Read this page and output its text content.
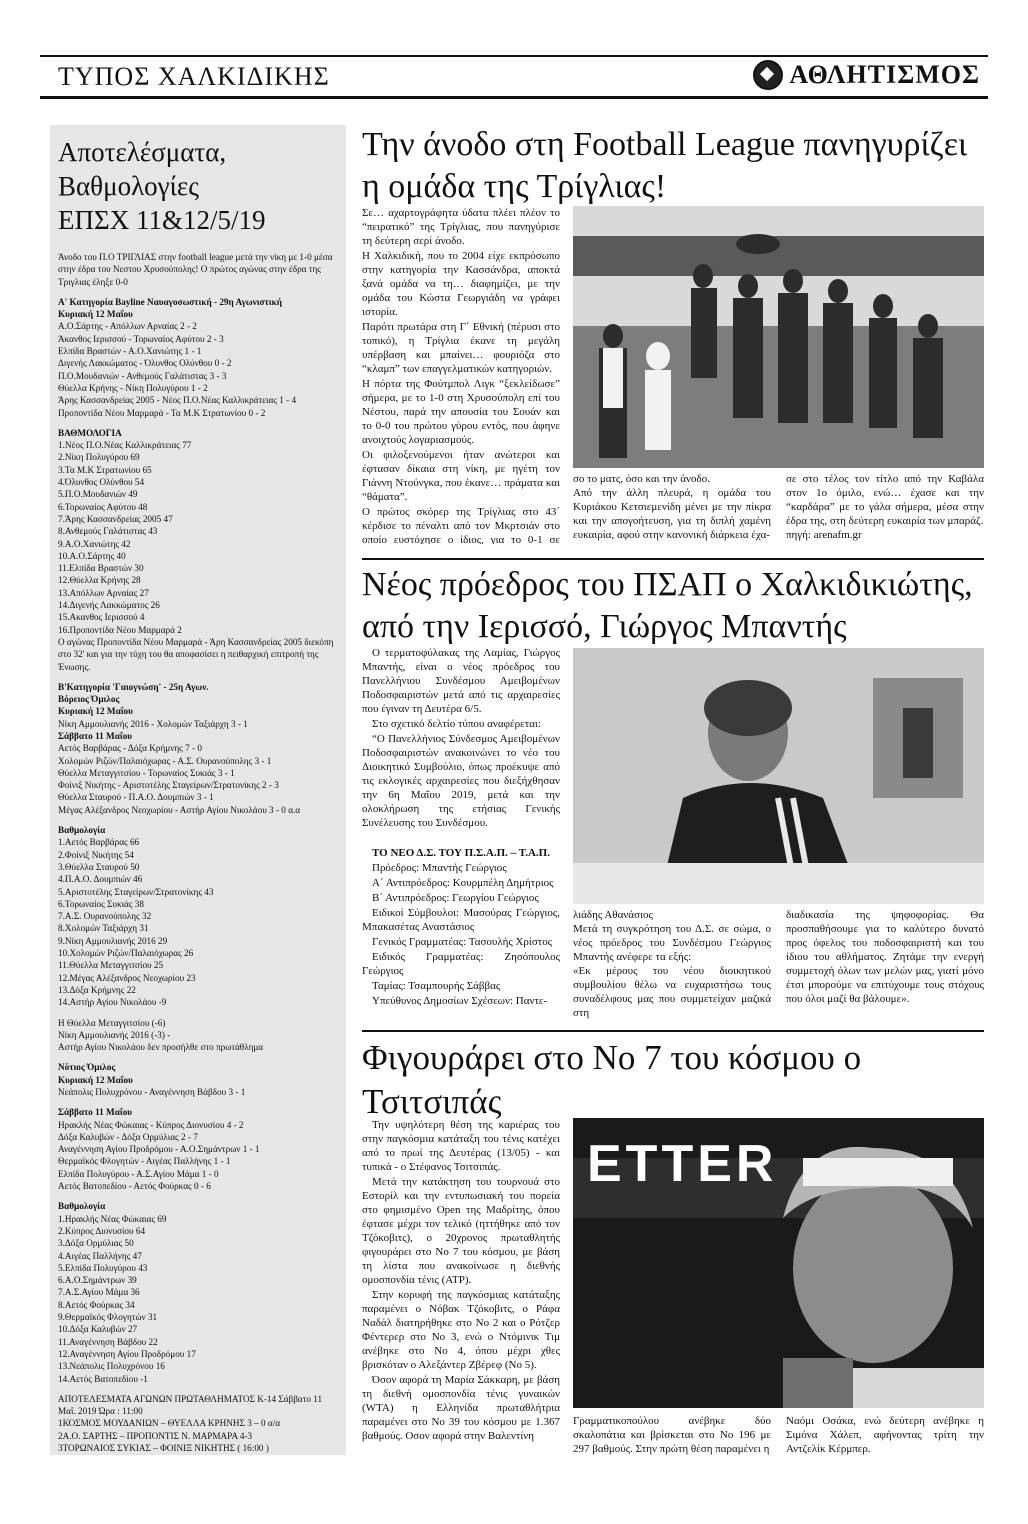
ΤΥΠΟΣ ΧΑΛΚΙΔΙΚΗΣ	ΑΘΛΗΤΙΣΜΟΣ
Αποτελέσματα,
Βαθμολογίες
ΕΠΣΧ 11&12/5/19

Άνοδο του Π.Ο ΤΡΙΓΛΙΑΣ στην football league μετά την νίκη με 1-0 μέσα στην έδρα του Νεστου Χρυσούπολης! Ο πρώτος αγώνας στην έδρα της Τριγλιας έληξε 0-0

Α' Κατηγορία Bayline Ναυαγοσωστική - 29η Αγωνιστική

Κυριακή 12 Μαΐου

Α.Ο.Σάρτης - Απόλλων Αρναίας 2 - 2

Άκανθος Ιερισσού - Τορωναίος Αφύτου 2 - 3

Ελπίδα Βραστών - Α.Ο.Χανιώτης 1 - 1

Διγενής Λακκώματος - Όλυνθος Ολύνθου 0 - 2

Π.Ο.Μουδανιών - Ανθεμούς Γαλάτιστας 3 - 3

Θύελλα Κρήνης - Νίκη Πολυγύρου 1 - 2

Άρης Κασσανδρείας 2005 - Νέος Π.Ο.Νέας Καλλικράτειας 1 - 4

Προποντίδα Νέου Μαρμαρά - Τα Μ.Κ Στρατωνίου 0 - 2

ΒΑΘΜΟΛΟΓΙΑ

1.Νέος Π.Ο.Νέας Καλλικράτειας 77

2.Νίκη Πολυγύρου 69

3.Τα Μ.Κ Στρατωνίου 65

4.Όλυνθος Ολύνθου 54

5.Π.Ο.Μουδανιών 49

6.Τορωναίος Αφύτου 48

7.Άρης Κασσανδρείας 2005 47

8.Ανθεμούς Γαλάτιστας 43

9.Α.Ο.Χανιώτης 42

10.Α.Ο.Σάρτης 40

11.Ελπίδα Βραστών 30

12.Θύελλα Κρήνης 28

13.Απόλλων Αρναίας 27

14.Διγενής Λακκώματος 26

15.Ακανθος Ιερισσού 4

16.Προποντίδα Νέου Μαρμαρά 2

Ο αγώνας Προποντίδα Νέου Μαρμαρά - Άρη Κασσανδρείας 2005 διεκόπη στο 32' και για την τύχη του θα αποφασίσει η πειθαρχική επιτροπή της Ένωσης.

Β'Κατηγορία 'Γαιογνώση' - 25η Αγων.

Βόρειος Όμιλος

Κυριακή 12 Μαΐου

Νίκη Αμμουλιανής 2016 - Χολομών Ταξιάρχη 3 - 1

Σάββατο 11 Μαΐου

Αετός Βαρβάρας - Δόξα Κρήμνης 7 - 0

Χολομών Ριζών/Παλαιόχωρας - Α.Σ. Ουρανούπολης 3 - 1

Θύελλα Μεταγγιτσίου - Τορωναίος Συκιάς 3 - 1

Φοίνιξ Νικήτης - Αριστοτέλης Σταγείρων/Στρατονίκης 2 - 3

Θύελλα Σταυρού - Π.Α.Ο. Δουμπιών 3 - 1

Μέγας Αλέξανδρος Νεοχωρίου - Αστήρ Αγίου Νικολάου 3 - 0 α.α

Βαθμολογία

1.Αετός Βαρβάρας 66

2.Φοίνιξ Νικήτης 54

3.Θύελλα Σταυρού 50

4.Π.Α.Ο. Δουμπιών 46

5.Αριστοτέλης Σταγείρων/Στρατονίκης 43

6.Τορωναίος Συκιάς 38

7.Α.Σ. Ουρανούπολης 32

8.Χολομών Ταξιάρχη 31

9.Νίκη Αμμουλιανής 2016 29

10.Χολομών Ριζών/Παλαιόχωρας 26

11.Θύελλα Μεταγγιτσίου 25

12.Μέγας Αλέξανδρος Νεοχωρίου 23

13.Δόξα Κρήμνης 22

14.Αστήρ Αγίου Νικολάου -9

Η Θύελλα Μεταγγιτσίου (-6)

Νίκη Αμμουλιανής 2016 (-3) -

Αστήρ Αγίου Νικολάου δεν προσήλθε στο πρωτάθλημα

Νότιος Όμιλος

Κυριακή 12 Μαΐου

Νεάπολις Πολυχρόνου - Αναγέννηση Βάβδου 3 - 1

Σάββατο 11 Μαΐου

Ηρακλής Νέας Φώκαιας - Κύπρος Διονυσίου 4 - 2

Δόξα Καλυβών - Δόξα Ορμύλιας 2 - 7

Αναγέννηση Αγίου Προδρόμου - Α.Ο.Σημάντρων 1 - 1

Θερμαϊκός Φλογητών - Αιγέας Παλλήνης 1 - 1

Ελπίδα Πολυγύρου - Α.Σ.Αγίου Μάμα 1 - 0

Αετός Βατοπεδίου - Αετός Φούρκας 0 - 6

Βαθμολογία

1.Ηρακλής Νέας Φώκαιας 69

2.Κύπρος Διονυσίου 64

3.Δόξα Ορμύλιας 50

4.Αιγέας Παλλήνης 47

5.Ελπίδα Πολυγύρου 43

6.Α.Ο.Σημάντρων 39

7.Α.Σ.Αγίου Μάμα 36

8.Αετός Φούρκας 34

9.Θερμαϊκός Φλογητών 31

10.Δόξα Καλυβών 27

11.Αναγέννηση Βάβδου 22

12.Αναγέννηση Αγίου Προδρόμου 17

13.Νεάπολις Πολυχρόνου 16

14.Αετός Βατοπεδίου -1

ΑΠΟΤΕΛΕΣΜΑΤΑ ΑΓΩΝΩΝ ΠΡΩΤΑΘΛΗΜΑΤΟΣ Κ-14 Σάββατο 11 Μαΐ. 2019 Ώρα : 11:00

1ΚΟΣΜΟΣ ΜΟΥΔΑΝΙΩΝ – ΘΥΕΛΛΑ ΚΡΗΝΗΣ 3 – 0 α/α

2Α.Ο. ΣΑΡΤΗΣ – ΠΡΟΠΟΝΤΙΣ Ν. ΜΑΡΜΑΡΑ 4-3

3ΤΟΡΩΝΑΙΟΣ ΣΥΚΙΑΣ – ΦΟΙΝΙΞ ΝΙΚΗΤΗΣ ( 16:00 )

Την άνοδο στη Football League πανηγυρίζει η ομάδα της Τρίγλιας!

Σε… αχαρτογράφητα ύδατα πλέει πλέον το “πειρατικό” της Τρίγλιας, που πανηγύρισε τη δεύτερη σερί άνοδο.

Η Χαλκιδική, που το 2004 είχε εκπρόσωπο στην κατηγορία την Κασσάνδρα, αποκτά ξανά ομάδα να τη… διαφημίζει, με την ομάδα του Κώστα Γεωργιάδη να γράφει ιστορία.

Παρότι πρωτάρα στη Γ΄ Εθνική (πέρυσι στο τοπικό), η Τρίγλια έκανε τη μεγάλη υπέρβαση και μπαίνει… φουριόζα στο “κλαμπ” των επαγγελματικών κατηγοριών.

Η πόρτα της Φούτμπολ Λιγκ “ξεκλείδωσε” σήμερα, με το 1-0 στη Χρυσούπολη επί του Νέστου, παρά την απουσία του Σουάν και το 0-0 του πρώτου γύρου εντός, που άφηνε ανοιχτούς λογαριασμούς.

Οι φιλοξενούμενοι ήταν ανώτεροι και έφτασαν δίκαια στη νίκη, με ηγέτη τον Γιάννη Ντούνγκα, που έκανε… πράματα και “θάματα”.

Ο πρώτος σκόρερ της Τρίγλιας στο 43΄ κέρδισε το πέναλτι από τον Μκρτσιάν στο οποίο ευστόχησε ο ίδιος, για το 0-1 σε

σο το ματς, όσο και την άνοδο.
Από την άλλη πλευρά, η ομάδα του Κυριάκου Κετσιεμενίδη μένει με την πίκρα και την απογοήτευση, για τη διπλή χαμένη ευκαιρία, αφού στην κανονική διάρκεια έχα-
σε στο τέλος τον τίτλο από την Καβάλα στον 1ο όμιλο, ενώ… έχασε και την “καρδάρα” με το γάλα σήμερα, μέσα στην έδρα της, στη δεύτερη ευκαιρία των μπαράζ.
πηγή: arenafm.gr
Νέος πρόεδρος του ΠΣΑΠ ο Χαλκιδικιώτης, από την Ιερισσό, Γιώργος Μπαντής

Ο τερματοφύλακας της Λαμίας, Γιώργος Μπαντής, είναι ο νέος πρόεδρος του Πανελλήνιου Συνδέσμου Αμειβομένων Ποδοσφαιριστών μετά από τις αρχαιρεσίες που έγιναν τη Δευτέρα 6/5.

Στο σχετικό δελτίο τύπου αναφέρεται:

“Ο Πανελλήνιος Σύνδεσμος Αμειβομένων Ποδοσφαιριστών ανακοινώνει το νέο του Διοικητικό Συμβούλιο, όπως προέκυψε από τις εκλογικές αρχαιρεσίες που διεξήχθησαν την 6η Μαΐου 2019, μετά και την ολοκλήρωση της ετήσιας Γενικής Συνέλευσης του Συνδέσμου.

ΤΟ ΝΕΟ Δ.Σ. ΤΟΥ Π.Σ.Α.Π. – Τ.Α.Π.

Πρόεδρος: Μπαντής Γεώργιος

Α΄ Αντιπρόεδρος: Κουρμπέλη Δημήτριος

Β΄ Αντιπρόεδρος: Γεωργίου Γεώργιος

Ειδικοί Σύμβουλοι: Μασούρας Γεώργιος, Μπακασέτας Αναστάσιος

Γενικός Γραμματέας: Τασουλής Χρίστος

Ειδικός Γραμματέας: Ζησόπουλος Γεώργιος

Ταμίας: Τσαμπουρής Σάββας

Υπεύθυνος Δημοσίων Σχέσεων: Παντε-

λιάδης Αθανάσιος
Μετά τη συγκρότηση του Δ.Σ. σε σώμα, ο νέος πρόεδρος του Συνδέσμου Γεώργιος Μπαντής ανέφερε τα εξής:
«Εκ μέρους του νέου διοικητικού συμβουλίου θέλω να ευχαριστήσω τους συναδέλφους μας που συμμετείχαν μαζικά στη
διαδικασία της ψηφοφορίας. Θα προσπαθήσουμε για το καλύτερο δυνατό προς όφελος του ποδοσφαιριστή και του ίδιου του αθλήματος. Ζητάμε την ενεργή συμμετοχή όλων των μελών μας, γιατί μόνο έτσι μπορούμε να επιτύχουμε τους στόχους που όλοι μαζί θα βάλουμε».
Φιγουράρει στο Νο 7 του κόσμου ο Τσιτσιπάς

Την υψηλότερη θέση της καριέρας του στην παγκόσμια κατάταξη του τένις κατέχει από το πρωί της Δευτέρας (13/05) - και τυπικά - ο Στέφανος Τσιτσιπάς.

Μετά την κατάκτηση του τουρνουά στο Εστορίλ και την εντυπωσιακή του πορεία στο φημισμένο Open της Μαδρίτης, όπου έφτασε μέχρι τον τελικό (ηττήθηκε από τον Τζόκοβιτς), ο 20χρονος πρωταθλητής φιγουράρει στο Νο 7 του κόσμου, με βάση τη λίστα που ανακοίνωσε η διεθνής ομοσπονδία τένις (ATP).

Στην κορυφή της παγκόσμιας κατάταξης παραμένει ο Νόβακ Τζόκοβιτς, ο Ράφα Ναδάλ διατηρήθηκε στο Νο 2 και ο Ρότζερ Φέντερερ στο Νο 3, ενώ ο Ντόμινικ Τιμ ανέβηκε στο Νο 4, όπου μέχρι χθες βρισκόταν ο Αλεξάντερ Ζβέρεφ (Νο 5).

Όσον αφορά τη Μαρία Σάκκαρη, με βάση τη διεθνή ομοσπονδία τένις γυναικών (WTA) η Ελληνίδα πρωταθλήτρια παραμένει στο Νο 39 του κόσμου με 1.367 βαθμούς. Οσον αφορά στην Βαλεντίνη

ETTER
Γραμματικοπούλου ανέβηκε δύο σκαλοπάτια και βρίσκεται στο Νο 196 με 297 βαθμούς. Στην πρώτη θέση παραμένει η
Ναόμι Οσάκα, ενώ δεύτερη ανέβηκε η Σιμόνα Χάλεπ, αφήνοντας τρίτη την Αντζελίκ Κέρμπερ.
